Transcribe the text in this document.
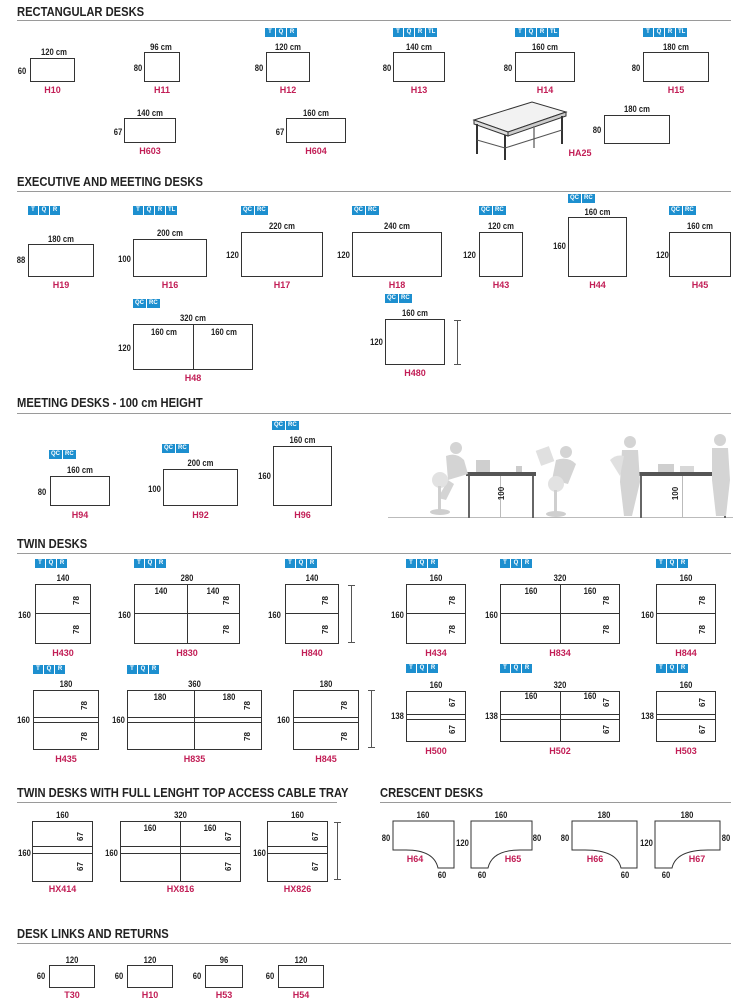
RECTANGULAR DESKS
120 cm
60
H10
96 cm
80
H11
T	Q	R
120 cm
80
H12
T	Q	R TL
140 cm
80
H13
T	Q	R TL
160 cm
80
H14
T	Q	R TL
180 cm
80
H15
140 cm
67
H603
160 cm
67
H604
180 cm
80
HA25
EXECUTIVE AND MEETING DESKS
T	Q	R
180 cm
88
H19
T	Q	R TL
200 cm
100
H16
QC RC
220 cm
120
H17
QC RC
240 cm
120
H18
QC RC
120 cm
120
H43
QC RC
160 cm
160
H44
QC RC
160 cm
120
H45
QC RC
320 cm
120
160 cm	160 cm
H48
QC RC
160 cm
120
H480
MEETING DESKS - 100 cm HEIGHT
QC RC
160 cm
80
H94
QC RC
200 cm
100
H92
QC RC
160 cm
160
H96
100	100
TWIN DESKS
T	Q	R
140
160
78
78
H430
T	Q	R
280
160
140	140
78
78
H830
T	Q	R
140
160
78
78
H840
T	Q	R
160
160
78
78
H434
T	Q	R
320
160
160	160
78
78
H834
T	Q	R
160
160
78
78
H844
T	Q	R
180
160
78
78
H435
T	Q	R
360
160
180	180
78
78
H835
180
160
78
78
H845
T	Q	R
160
138
67
67
H500
T	Q	R
320
138
160	160
67
67
H502
T	Q	R
160
138
67
67
H503
TWIN DESKS WITH FULL LENGHT TOP ACCESS CABLE TRAY
160
160
67
67
HX414
320
160
160	160
67
67
HX816
160
160
67
67
HX826
CRESCENT DESKS
160
80	120
H64
60
160
80
H65
60
180
80	120
H66
60
180
80
H67
60
DESK LINKS AND RETURNS
120
60
T30
120
60
H10
96
60
H53
120
60
H54
